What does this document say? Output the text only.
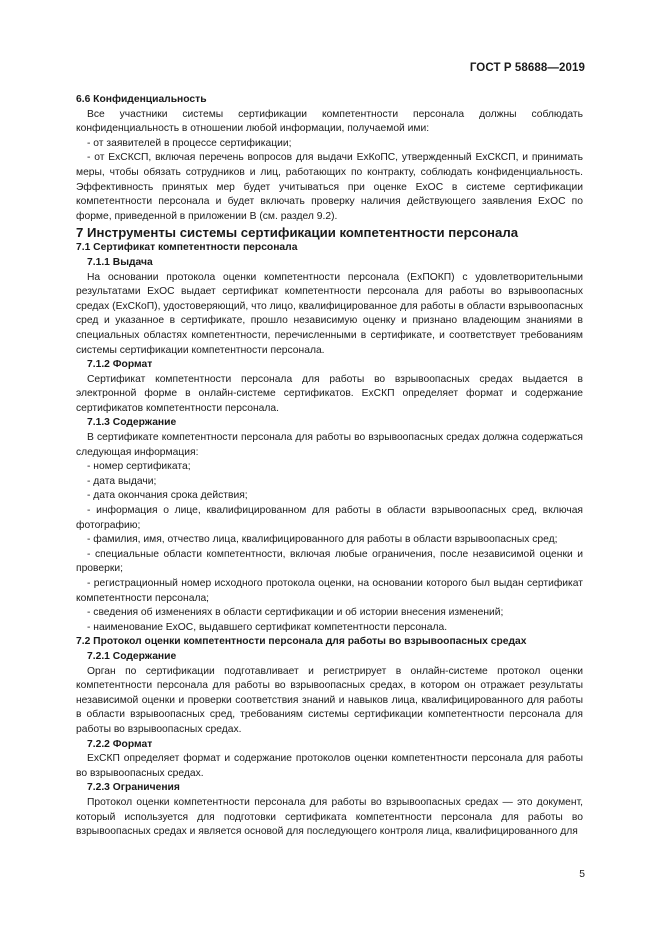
ГОСТ Р 58688—2019

6.6 Конфиденциальность

Все участники системы сертификации компетентности персонала должны соблюдать конфиденциальность в отношении любой информации, получаемой ими:

- от заявителей в процессе сертификации;

- от ExCКСП, включая перечень вопросов для выдачи ExКоПС, утвержденный ExCКСП, и принимать меры, чтобы обязать сотрудников и лиц, работающих по контракту, соблюдать конфиденциальность. Эффективность принятых мер будет учитываться при оценке ExOC в системе сертификации компетентности персонала и будет включать проверку наличия действующего заявления ExOC по форме, приведенной в приложении В (см. раздел 9.2).

7 Инструменты системы сертификации компетентности персонала

7.1 Сертификат компетентности персонала

7.1.1 Выдача

На основании протокола оценки компетентности персонала (ExПОКП) с удовлетворительными результатами ExOC выдает сертификат компетентности персонала для работы во взрывоопасных средах (ExСКоП), удостоверяющий, что лицо, квалифицированное для работы в области взрывоопасных сред и указанное в сертификате, прошло независимую оценку и признано владеющим знаниями в специальных областях компетентности, перечисленными в сертификате, и соответствует требованиям системы сертификации компетентности персонала.

7.1.2 Формат

Сертификат компетентности персонала для работы во взрывоопасных средах выдается в электронной форме в онлайн-системе сертификатов. ExСКП определяет формат и содержание сертификатов компетентности персонала.

7.1.3 Содержание

В сертификате компетентности персонала для работы во взрывоопасных средах должна содержаться следующая информация:

- номер сертификата;

- дата выдачи;

- дата окончания срока действия;

- информация о лице, квалифицированном для работы в области взрывоопасных сред, включая фотографию;

- фамилия, имя, отчество лица, квалифицированного для работы в области взрывоопасных сред;

- специальные области компетентности, включая любые ограничения, после независимой оценки и проверки;

- регистрационный номер исходного протокола оценки, на основании которого был выдан сертификат компетентности персонала;

- сведения об изменениях в области сертификации и об истории внесения изменений;

- наименование ExOC, выдавшего сертификат компетентности персонала.

7.2 Протокол оценки компетентности персонала для работы во взрывоопасных средах

7.2.1 Содержание

Орган по сертификации подготавливает и регистрирует в онлайн-системе протокол оценки компетентности персонала для работы во взрывоопасных средах, в котором он отражает результаты независимой оценки и проверки соответствия знаний и навыков лица, квалифицированного для работы в области взрывоопасных сред, требованиям системы сертификации компетентности персонала для работы во взрывоопасных средах.

7.2.2 Формат

ExСКП определяет формат и содержание протоколов оценки компетентности персонала для работы во взрывоопасных средах.

7.2.3 Ограничения

Протокол оценки компетентности персонала для работы во взрывоопасных средах — это документ, который используется для подготовки сертификата компетентности персонала для работы во взрывоопасных средах и является основой для последующего контроля лица, квалифицированного для

5
